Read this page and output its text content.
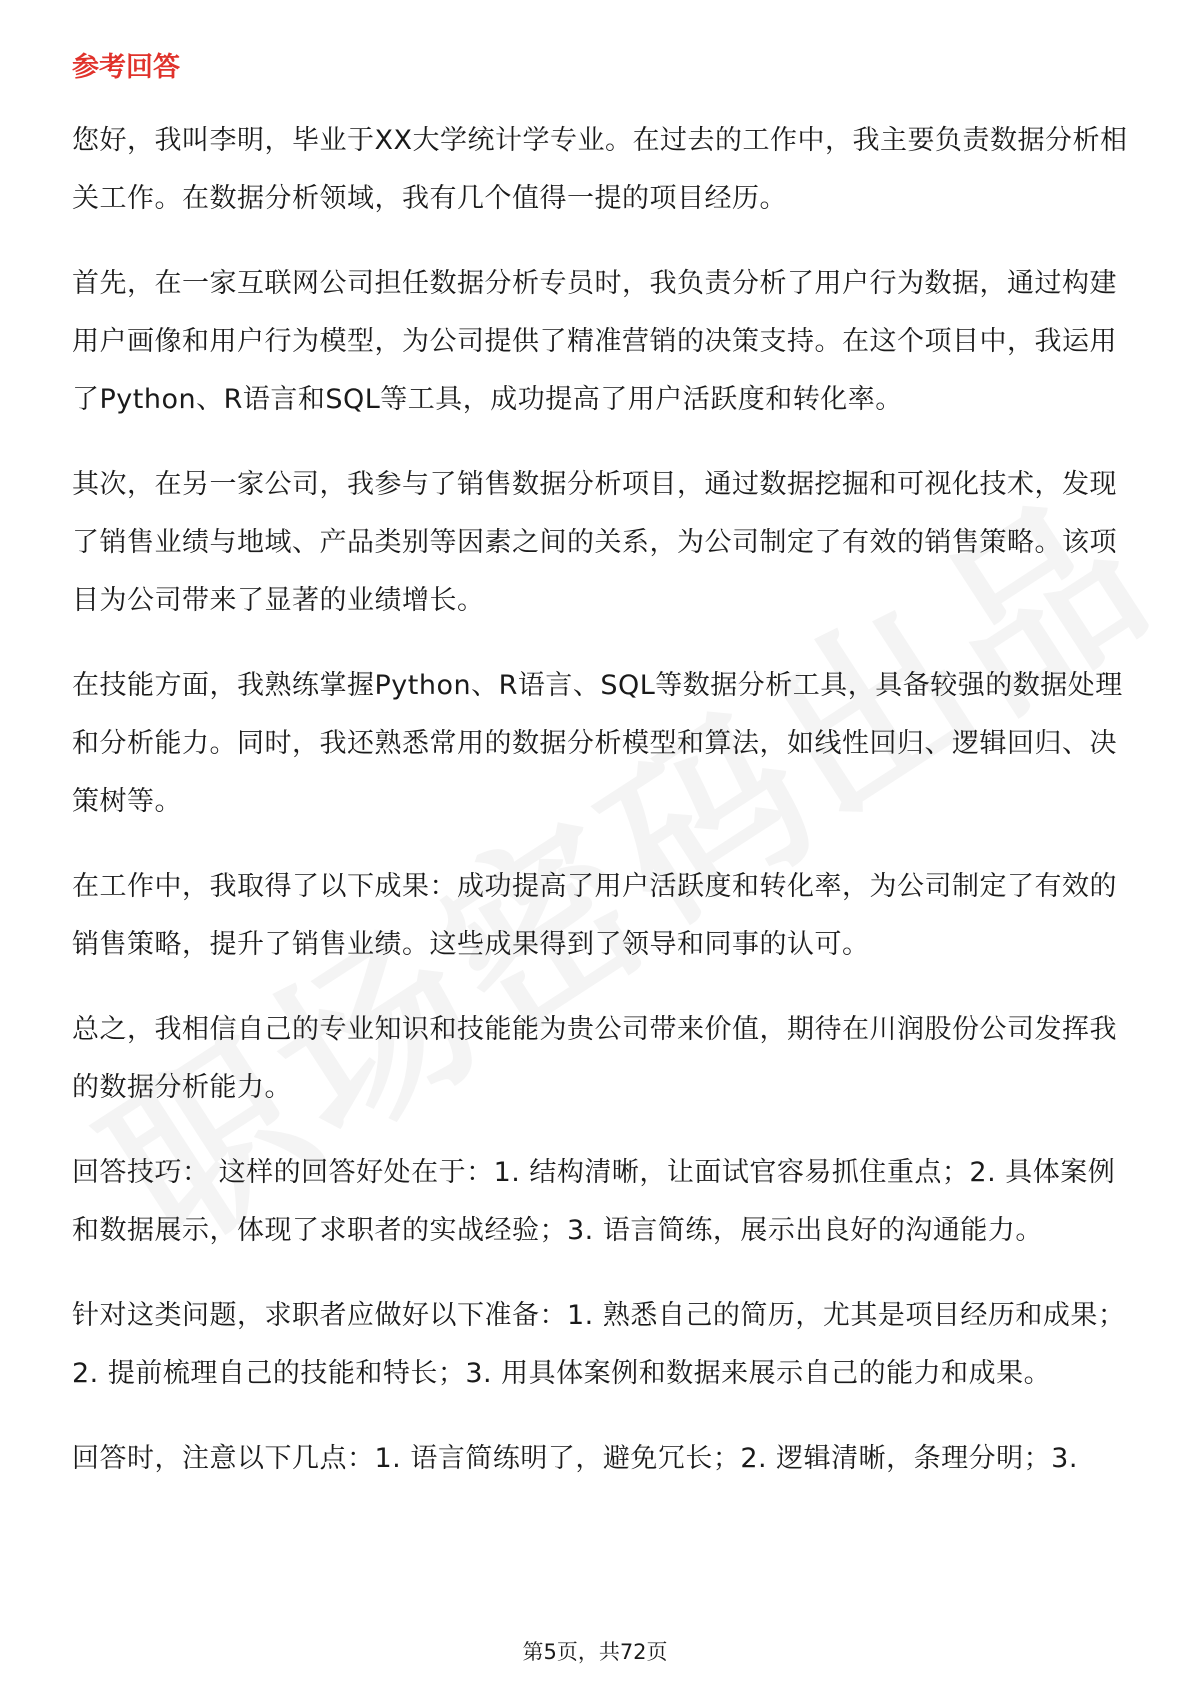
参考回答

您好，我叫李明，毕业于XX大学统计学专业。在过去的工作中，我主要负责数据分析相关工作。在数据分析领域，我有几个值得一提的项目经历。

首先，在一家互联网公司担任数据分析专员时，我负责分析了用户行为数据，通过构建用户画像和用户行为模型，为公司提供了精准营销的决策支持。在这个项目中，我运用了Python、R语言和SQL等工具，成功提高了用户活跃度和转化率。

其次，在另一家公司，我参与了销售数据分析项目，通过数据挖掘和可视化技术，发现了销售业绩与地域、产品类别等因素之间的关系，为公司制定了有效的销售策略。该项目为公司带来了显著的业绩增长。

在技能方面，我熟练掌握Python、R语言、SQL等数据分析工具，具备较强的数据处理和分析能力。同时，我还熟悉常用的数据分析模型和算法，如线性回归、逻辑回归、决策树等。

在工作中，我取得了以下成果：成功提高了用户活跃度和转化率，为公司制定了有效的销售策略，提升了销售业绩。这些成果得到了领导和同事的认可。

总之，我相信自己的专业知识和技能能为贵公司带来价值，期待在川润股份公司发挥我的数据分析能力。

回答技巧： 这样的回答好处在于：1. 结构清晰，让面试官容易抓住重点；2. 具体案例和数据展示，体现了求职者的实战经验；3. 语言简练，展示出良好的沟通能力。

针对这类问题，求职者应做好以下准备：1. 熟悉自己的简历，尤其是项目经历和成果；2. 提前梳理自己的技能和特长；3. 用具体案例和数据来展示自己的能力和成果。

回答时，注意以下几点：1. 语言简练明了，避免冗长；2. 逻辑清晰，条理分明；3.

第5页，共72页
